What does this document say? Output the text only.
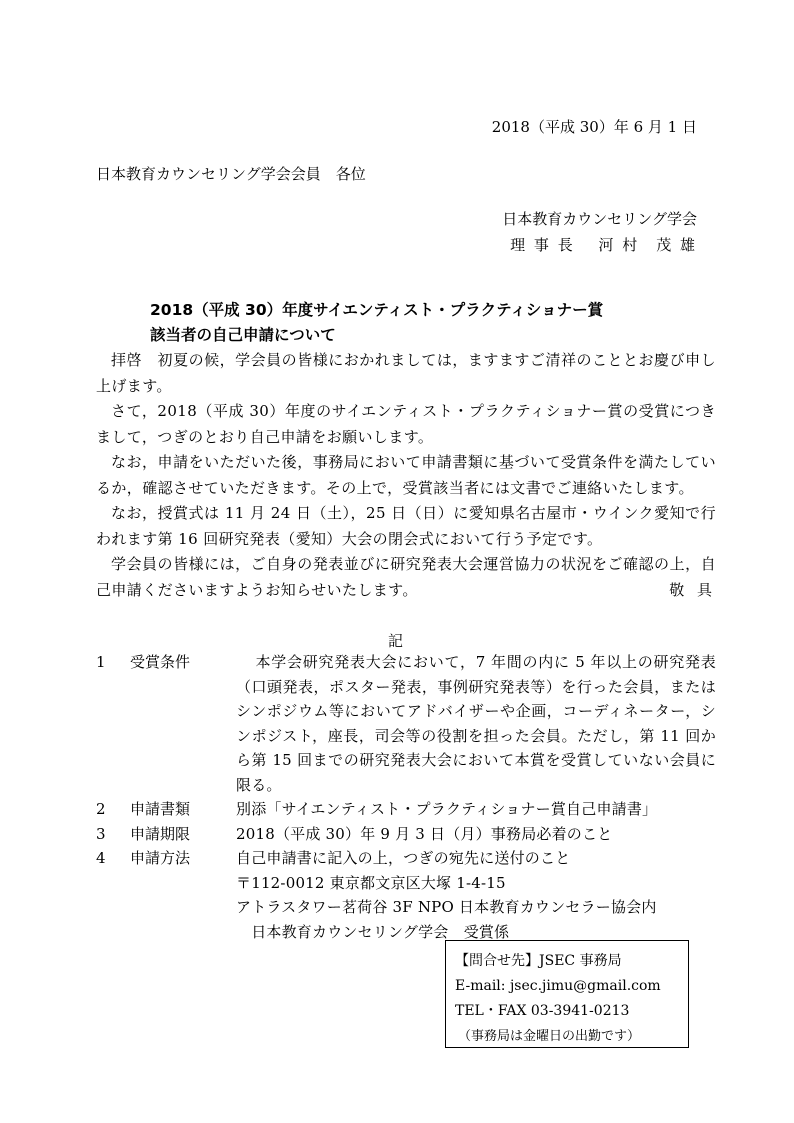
2018（平成 30）年 6 月 1 日
日本教育カウンセリング学会会員　各位
日本教育カウンセリング学会
理 事 長　 河 村　茂 雄
2018（平成 30）年度サイエンティスト・プラクティショナー賞
該当者の自己申請について

拝啓　初夏の候，学会員の皆様におかれましては，ますますご清祥のこととお慶び申し上げます。

さて，2018（平成 30）年度のサイエンティスト・プラクティショナー賞の受賞につきまして，つぎのとおり自己申請をお願いします。

なお，申請をいただいた後，事務局において申請書類に基づいて受賞条件を満たしているか，確認させていただきます。その上で，受賞該当者には文書でご連絡いたします。

なお，授賞式は 11 月 24 日（土），25 日（日）に愛知県名古屋市・ウインク愛知で行われます第 16 回研究発表（愛知）大会の閉会式において行う予定です。

学会員の皆様には，ご自身の発表並びに研究発表大会運営協力の状況をご確認の上，自己申請くださいますようお知らせいたします。	敬 具

記
1	受賞条件	本学会研究発表大会において，7 年間の内に 5 年以上の研究発表（口頭発表，ポスター発表，事例研究発表等）を行った会員，またはシンポジウム等においてアドバイザーや企画，コーディネーター，シンポジスト，座長，司会等の役割を担った会員。ただし，第 11 回から第 15 回までの研究発表大会において本賞を受賞していない会員に限る。
2	申請書類	別添「サイエンティスト・プラクティショナー賞自己申請書」
3	申請期限	2018（平成 30）年 9 月 3 日（月）事務局必着のこと
4	申請方法	自己申請書に記入の上，つぎの宛先に送付のこと
〒112-0012 東京都文京区大塚 1-4-15
アトラスタワー茗荷谷 3F NPO 日本教育カウンセラー協会内
　日本教育カウンセリング学会　受賞係
【問合せ先】JSEC 事務局
E-mail: jsec.jimu@gmail.com
TEL・FAX 03-3941-0213
（事務局は金曜日の出勤です）
